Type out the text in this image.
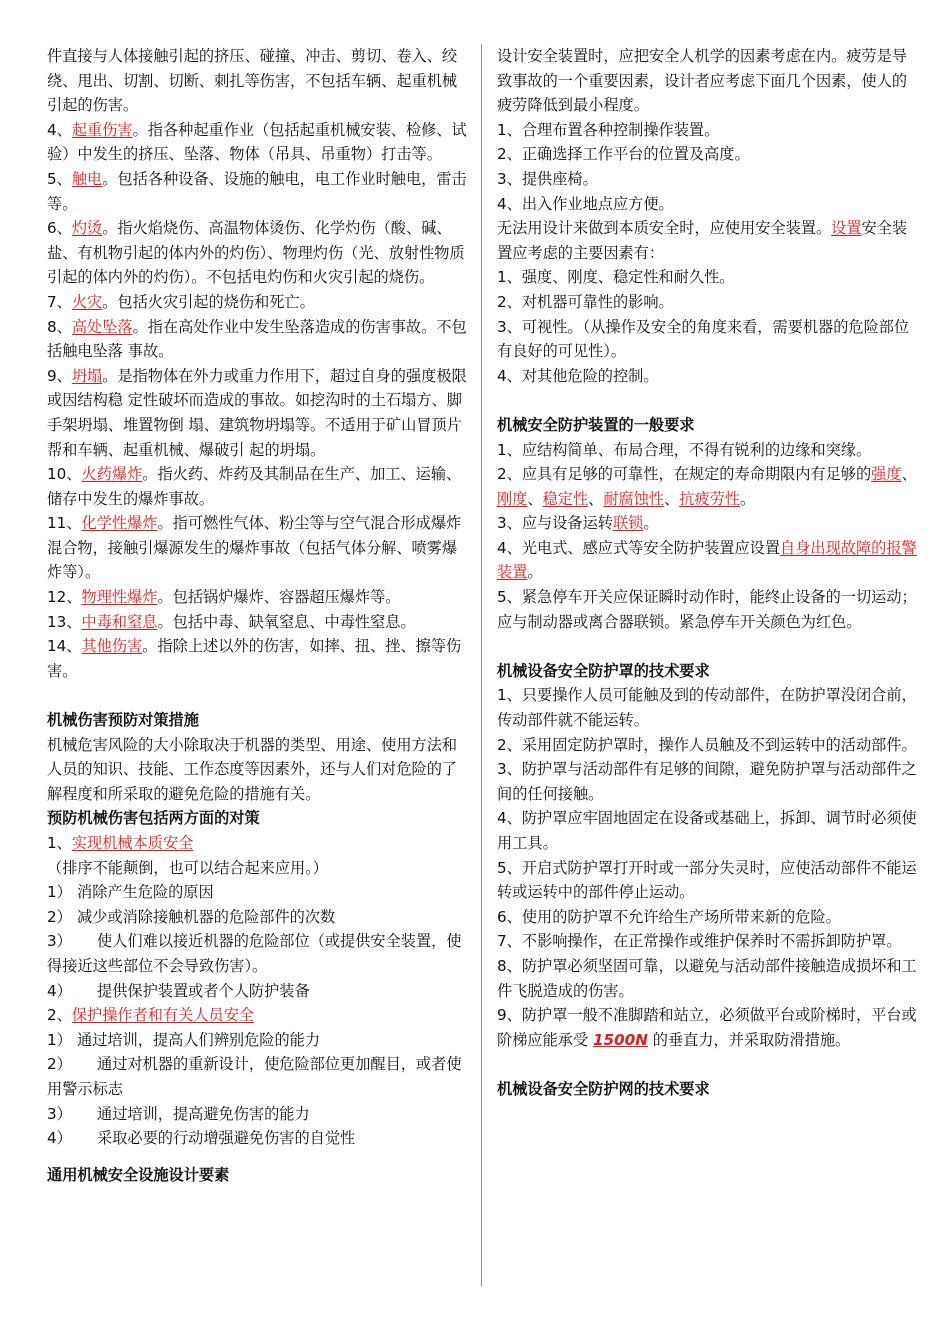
件直接与人体接触引起的挤压、碰撞、冲击、剪切、卷入、绞绕、甩出、切割、切断、刺扎等伤害，不包括车辆、起重机械引起的伤害。

4、起重伤害。指各种起重作业（包括起重机械安装、检修、试验）中发生的挤压、坠落、物体（吊具、吊重物）打击等。

5、触电。包括各种设备、设施的触电，电工作业时触电，雷击等。

6、灼烫。指火焰烧伤、高温物体烫伤、化学灼伤（酸、碱、盐、有机物引起的体内外的灼伤）、物理灼伤（光、放射性物质引起的体内外的灼伤）。不包括电灼伤和火灾引起的烧伤。

7、火灾。包括火灾引起的烧伤和死亡。

8、高处坠落。指在高处作业中发生坠落造成的伤害事故。不包括触电坠落 事故。

9、坍塌。是指物体在外力或重力作用下，超过自身的强度极限或因结构稳 定性破坏而造成的事故。如挖沟时的土石塌方、脚手架坍塌、堆置物倒 塌、建筑物坍塌等。不适用于矿山冒顶片帮和车辆、起重机械、爆破引 起的坍塌。

10、火药爆炸。指火药、炸药及其制品在生产、加工、运输、储存中发生的爆炸事故。

11、化学性爆炸。指可燃性气体、粉尘等与空气混合形成爆炸混合物，接触引爆源发生的爆炸事故（包括气体分解、喷雾爆炸等）。

12、物理性爆炸。包括锅炉爆炸、容器超压爆炸等。

13、中毒和窒息。包括中毒、缺氧窒息、中毒性窒息。

14、其他伤害。指除上述以外的伤害，如摔、扭、挫、擦等伤害。

机械伤害预防对策措施

机械危害风险的大小除取决于机器的类型、用途、使用方法和人员的知识、技能、工作态度等因素外，还与人们对危险的了解程度和所采取的避免危险的措施有关。

预防机械伤害包括两方面的对策

1、实现机械本质安全（排序不能颠倒，也可以结合起来应用。）

1） 消除产生危险的原因

2） 减少或消除接触机器的危险部件的次数

3） 使人们难以接近机器的危险部位（或提供安全装置，使得接近这些部位不会导致伤害）。

4） 提供保护装置或者个人防护装备

2、保护操作者和有关人员安全

1） 通过培训，提高人们辨别危险的能力

2） 通过对机器的重新设计，使危险部位更加醒目，或者使用警示标志

3） 通过培训，提高避免伤害的能力

4） 采取必要的行动增强避免伤害的自觉性

通用机械安全设施设计要素

设计安全装置时，应把安全人机学的因素考虑在内。疲劳是导致事故的一个重要因素，设计者应考虑下面几个因素，使人的疲劳降低到最小程度。

1、合理布置各种控制操作装置。

2、正确选择工作平台的位置及高度。

3、提供座椅。

4、出入作业地点应方便。

无法用设计来做到本质安全时，应使用安全装置。设置安全装置应考虑的主要因素有：

1、强度、刚度、稳定性和耐久性。

2、对机器可靠性的影响。

3、可视性。（从操作及安全的角度来看，需要机器的危险部位有良好的可见性）。

4、对其他危险的控制。

机械安全防护装置的一般要求

1、应结构简单、布局合理，不得有锐利的边缘和突缘。

2、应具有足够的可靠性，在规定的寿命期限内有足够的强度、刚度、稳定性、耐腐蚀性、抗疲劳性。

3、应与设备运转联锁。

4、光电式、感应式等安全防护装置应设置自身出现故障的报警装置。

5、紧急停车开关应保证瞬时动作时，能终止设备的一切运动；应与制动器或离合器联锁。紧急停车开关颜色为红色。

机械设备安全防护罩的技术要求

1、只要操作人员可能触及到的传动部件，在防护罩没闭合前，传动部件就不能运转。

2、采用固定防护罩时，操作人员触及不到运转中的活动部件。

3、防护罩与活动部件有足够的间隙，避免防护罩与活动部件之间的任何接触。

4、防护罩应牢固地固定在设备或基础上，拆卸、调节时必须使用工具。

5、开启式防护罩打开时或一部分失灵时，应使活动部件不能运转或运转中的部件停止运动。

6、使用的防护罩不允许给生产场所带来新的危险。

7、不影响操作，在正常操作或维护保养时不需拆卸防护罩。

8、防护罩必须坚固可靠，以避免与活动部件接触造成损坏和工件飞脱造成的伤害。

9、防护罩一般不准脚踏和站立，必须做平台或阶梯时，平台或阶梯应能承受 1500N 的垂直力，并采取防滑措施。

机械设备安全防护网的技术要求
